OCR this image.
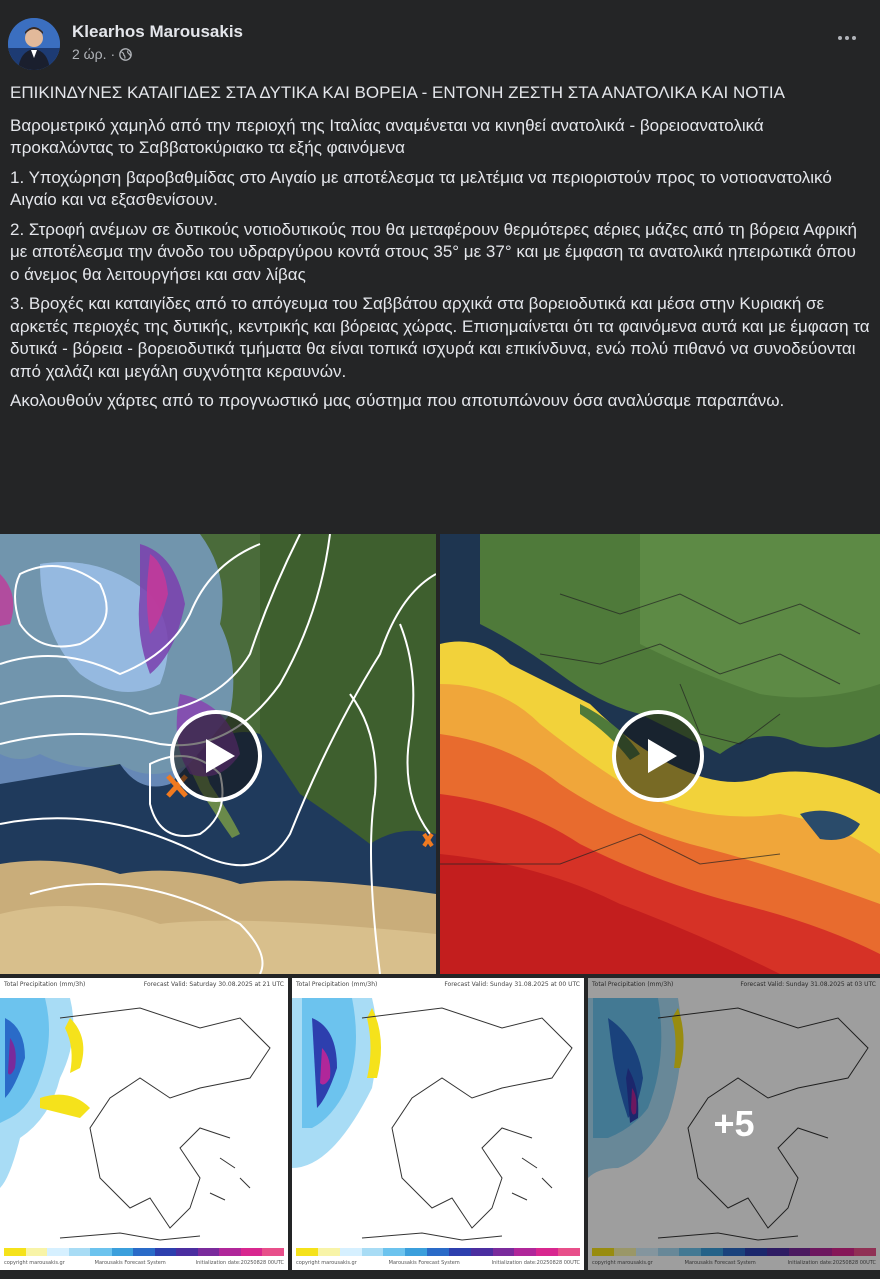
Klearhos Marousakis
2 ώρ. ·

ΕΠΙΚΙΝΔΥΝΕΣ ΚΑΤΑΙΓΙΔΕΣ ΣΤΑ ΔΥΤΙΚΑ ΚΑΙ ΒΟΡΕΙΑ - ΕΝΤΟΝΗ ΖΕΣΤΗ ΣΤΑ ΑΝΑΤΟΛΙΚΑ ΚΑΙ ΝΟΤΙΑ

Βαρομετρικό χαμηλό από την περιοχή της Ιταλίας αναμένεται να κινηθεί ανατολικά - βορειοανατολικά προκαλώντας το Σαββατοκύριακο τα εξής φαινόμενα

1. Υποχώρηση βαροβαθμίδας στο Αιγαίο με αποτέλεσμα τα μελτέμια να περιοριστούν προς το νοτιοανατολικό Αιγαίο και να εξασθενίσουν.

2. Στροφή ανέμων σε δυτικούς νοτιοδυτικούς που θα μεταφέρουν θερμότερες αέριες μάζες από τη βόρεια Αφρική με αποτέλεσμα την άνοδο του υδραργύρου κοντά στους 35° με 37° και με έμφαση τα ανατολικά ηπειρωτικά όπου ο άνεμος θα λειτουργήσει και σαν λίβας

3. Βροχές και καταιγίδες από το απόγευμα του Σαββάτου αρχικά στα βορειοδυτικά και μέσα στην Κυριακή σε αρκετές περιοχές της δυτικής, κεντρικής και βόρειας χώρας. Επισημαίνεται ότι τα φαινόμενα αυτά και με έμφαση τα δυτικά - βόρεια - βορειοδυτικά τμήματα θα είναι τοπικά ισχυρά και επικίνδυνα, ενώ πολύ πιθανό να συνοδεύονται από χαλάζι και μεγάλη συχνότητα κεραυνών.

Ακολουθούν χάρτες από το προγνωστικό μας σύστημα που αποτυπώνουν όσα αναλύσαμε παραπάνω.

Total Precipitation (mm/3h)	Forecast Valid: Saturday 30.08.2025 at 21 UTC
copyright marousakis.gr	Marousakis Forecast System	Initialization date:20250828 00UTC
Total Precipitation (mm/3h)	Forecast Valid: Sunday 31.08.2025 at 00 UTC
copyright marousakis.gr	Marousakis Forecast System	Initialization date:20250828 00UTC
Total Precipitation (mm/3h)	Forecast Valid: Sunday 31.08.2025 at 03 UTC
copyright marousakis.gr	Marousakis Forecast System	Initialization date:20250828 00UTC
+5
